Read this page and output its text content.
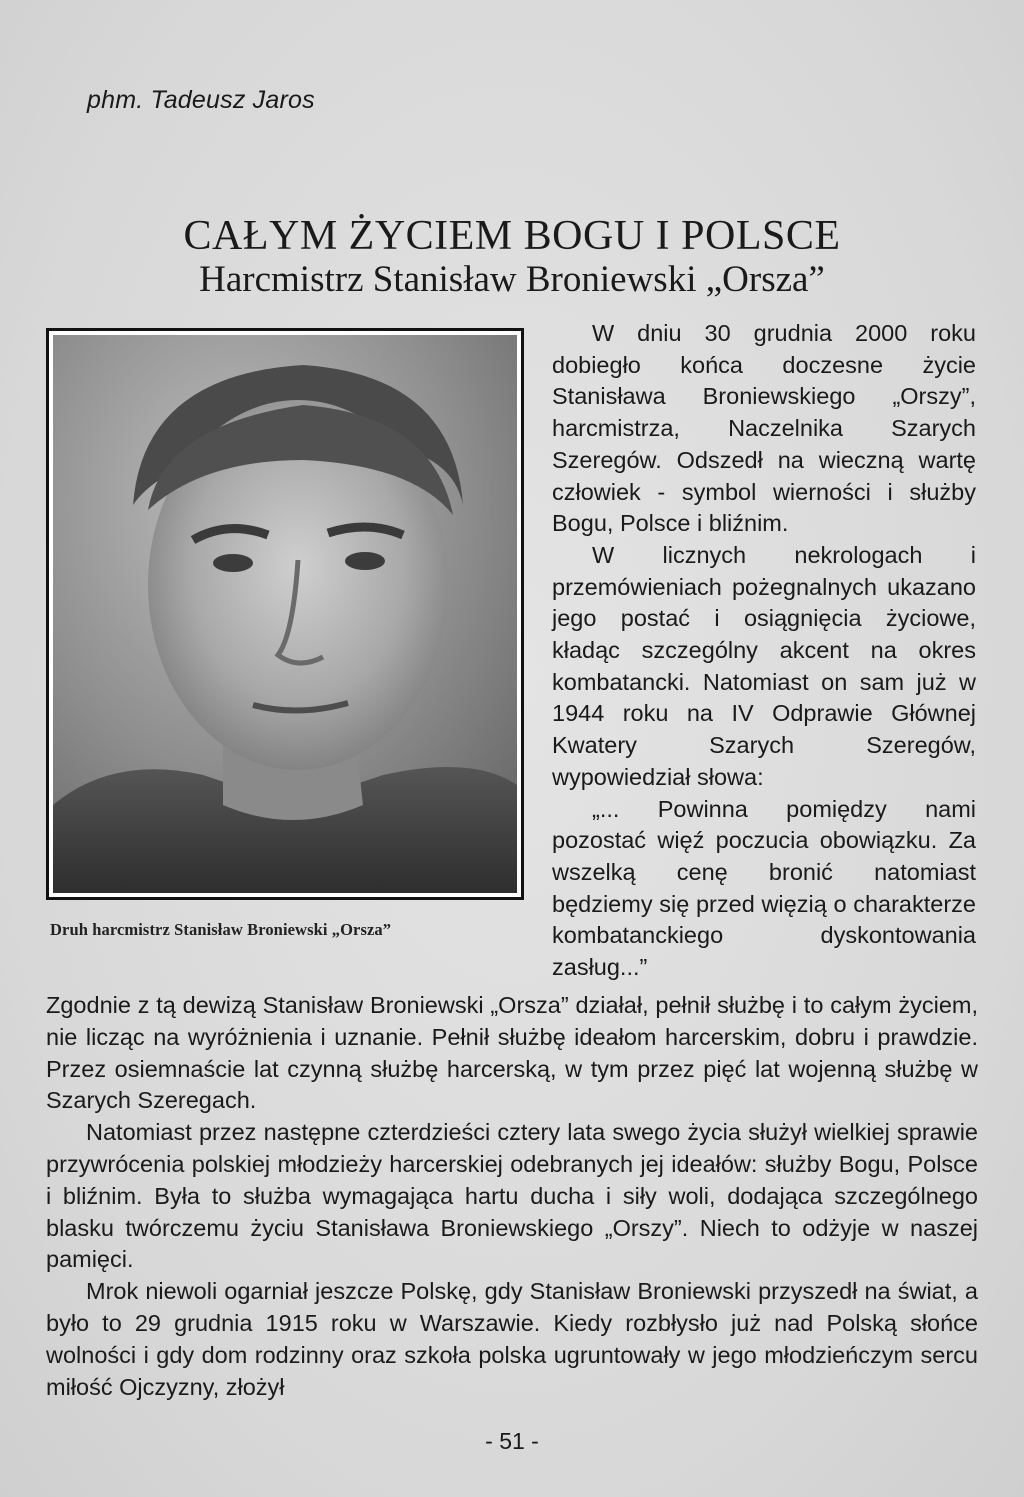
phm. Tadeusz Jaros
CAŁYM ŻYCIEM BOGU I POLSCE
Harcmistrz Stanisław Broniewski „Orsza”
Druh harcmistrz Stanisław Broniewski „Orsza”

W dniu 30 grudnia 2000 roku dobiegło końca doczesne życie Stanisława Broniewskiego „Orszy”, harcmistrza, Naczelnika Szarych Szeregów. Odszedł na wieczną wartę człowiek - symbol wierności i służby Bogu, Polsce i bliźnim.

W licznych nekrologach i przemówieniach pożegnalnych ukazano jego postać i osiągnięcia życiowe, kładąc szczególny akcent na okres kombatancki. Natomiast on sam już w 1944 roku na IV Odprawie Głównej Kwatery Szarych Szeregów, wypowiedział słowa:

„... Powinna pomiędzy nami pozostać więź poczucia obowiązku. Za wszelką cenę bronić natomiast będziemy się przed więzią o charakterze kombatanckiego dyskontowania zasług...”

Zgodnie z tą dewizą Stanisław Broniewski „Orsza” działał, pełnił służbę i to całym życiem, nie licząc na wyróżnienia i uznanie. Pełnił służbę ideałom harcerskim, dobru i prawdzie. Przez osiemnaście lat czynną służbę harcerską, w tym przez pięć lat wojenną służbę w Szarych Szeregach.

Natomiast przez następne czterdzieści cztery lata swego życia służył wielkiej sprawie przywrócenia polskiej młodzieży harcerskiej odebranych jej ideałów: służby Bogu, Polsce i bliźnim. Była to służba wymagająca hartu ducha i siły woli, dodająca szczególnego blasku twórczemu życiu Stanisława Broniewskiego „Orszy”. Niech to odżyje w naszej pamięci.

Mrok niewoli ogarniał jeszcze Polskę, gdy Stanisław Broniewski przyszedł na świat, a było to 29 grudnia 1915 roku w Warszawie. Kiedy rozbłysło już nad Polską słońce wolności i gdy dom rodzinny oraz szkoła polska ugruntowały w jego młodzieńczym sercu miłość Ojczyzny, złożył

- 51 -
